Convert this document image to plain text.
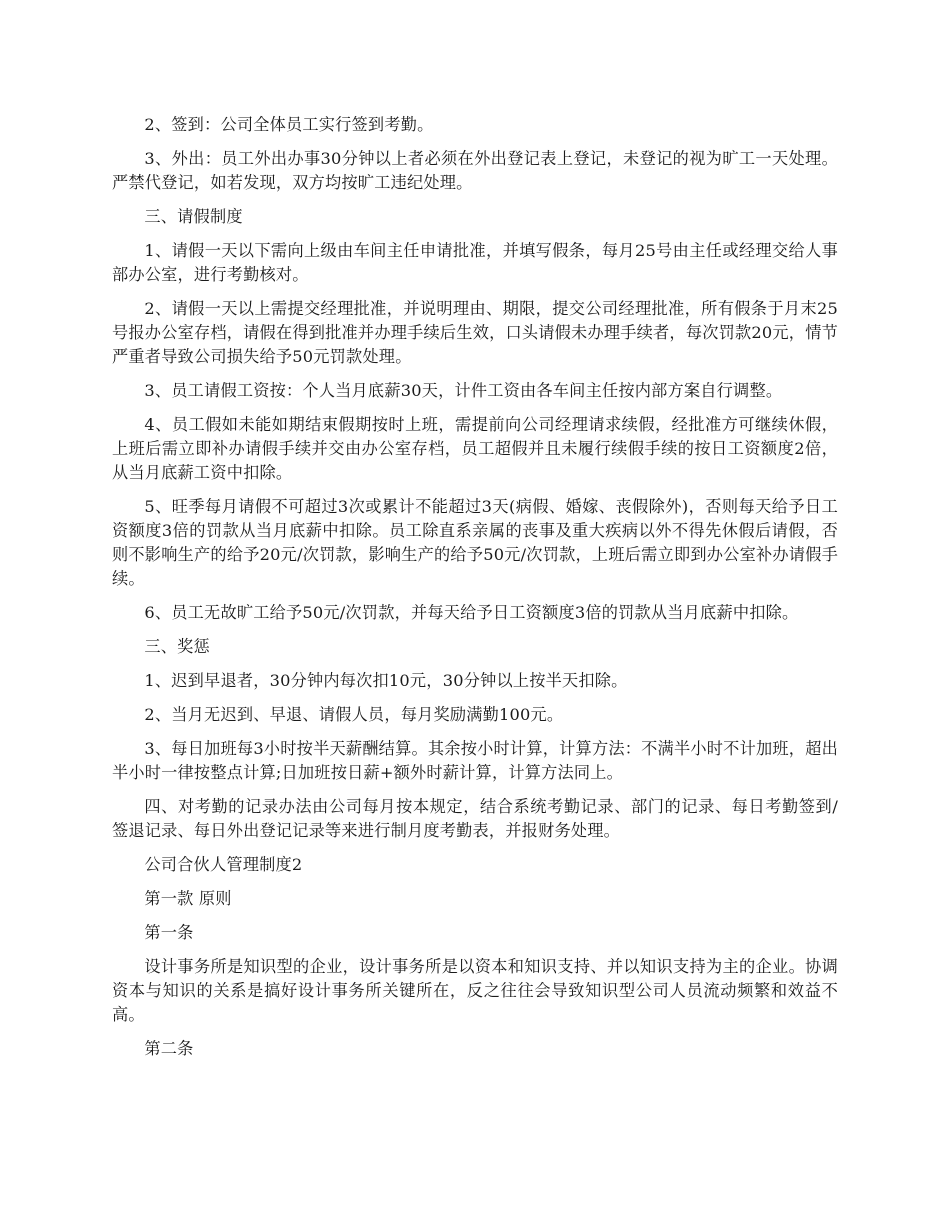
2、签到：公司全体员工实行签到考勤。

3、外出：员工外出办事30分钟以上者必须在外出登记表上登记，未登记的视为旷工一天处理。严禁代登记，如若发现，双方均按旷工违纪处理。

三、请假制度

1、请假一天以下需向上级由车间主任申请批准，并填写假条，每月25号由主任或经理交给人事部办公室，进行考勤核对。

2、请假一天以上需提交经理批准，并说明理由、期限，提交公司经理批准，所有假条于月末25号报办公室存档，请假在得到批准并办理手续后生效，口头请假未办理手续者，每次罚款20元，情节严重者导致公司损失给予50元罚款处理。

3、员工请假工资按：个人当月底薪30天，计件工资由各车间主任按内部方案自行调整。

4、员工假如未能如期结束假期按时上班，需提前向公司经理请求续假，经批准方可继续休假，上班后需立即补办请假手续并交由办公室存档，员工超假并且未履行续假手续的按日工资额度2倍，从当月底薪工资中扣除。

5、旺季每月请假不可超过3次或累计不能超过3天(病假、婚嫁、丧假除外)，否则每天给予日工资额度3倍的罚款从当月底薪中扣除。员工除直系亲属的丧事及重大疾病以外不得先休假后请假，否则不影响生产的给予20元/次罚款，影响生产的给予50元/次罚款，上班后需立即到办公室补办请假手续。

6、员工无故旷工给予50元/次罚款，并每天给予日工资额度3倍的罚款从当月底薪中扣除。

三、奖惩

1、迟到早退者，30分钟内每次扣10元，30分钟以上按半天扣除。

2、当月无迟到、早退、请假人员，每月奖励满勤100元。

3、每日加班每3小时按半天薪酬结算。其余按小时计算，计算方法：不满半小时不计加班，超出半小时一律按整点计算;日加班按日薪+额外时薪计算，计算方法同上。

四、对考勤的记录办法由公司每月按本规定，结合系统考勤记录、部门的记录、每日考勤签到/签退记录、每日外出登记记录等来进行制月度考勤表，并报财务处理。

公司合伙人管理制度2

第一款 原则

第一条

设计事务所是知识型的企业，设计事务所是以资本和知识支持、并以知识支持为主的企业。协调资本与知识的关系是搞好设计事务所关键所在，反之往往会导致知识型公司人员流动频繁和效益不高。

第二条
